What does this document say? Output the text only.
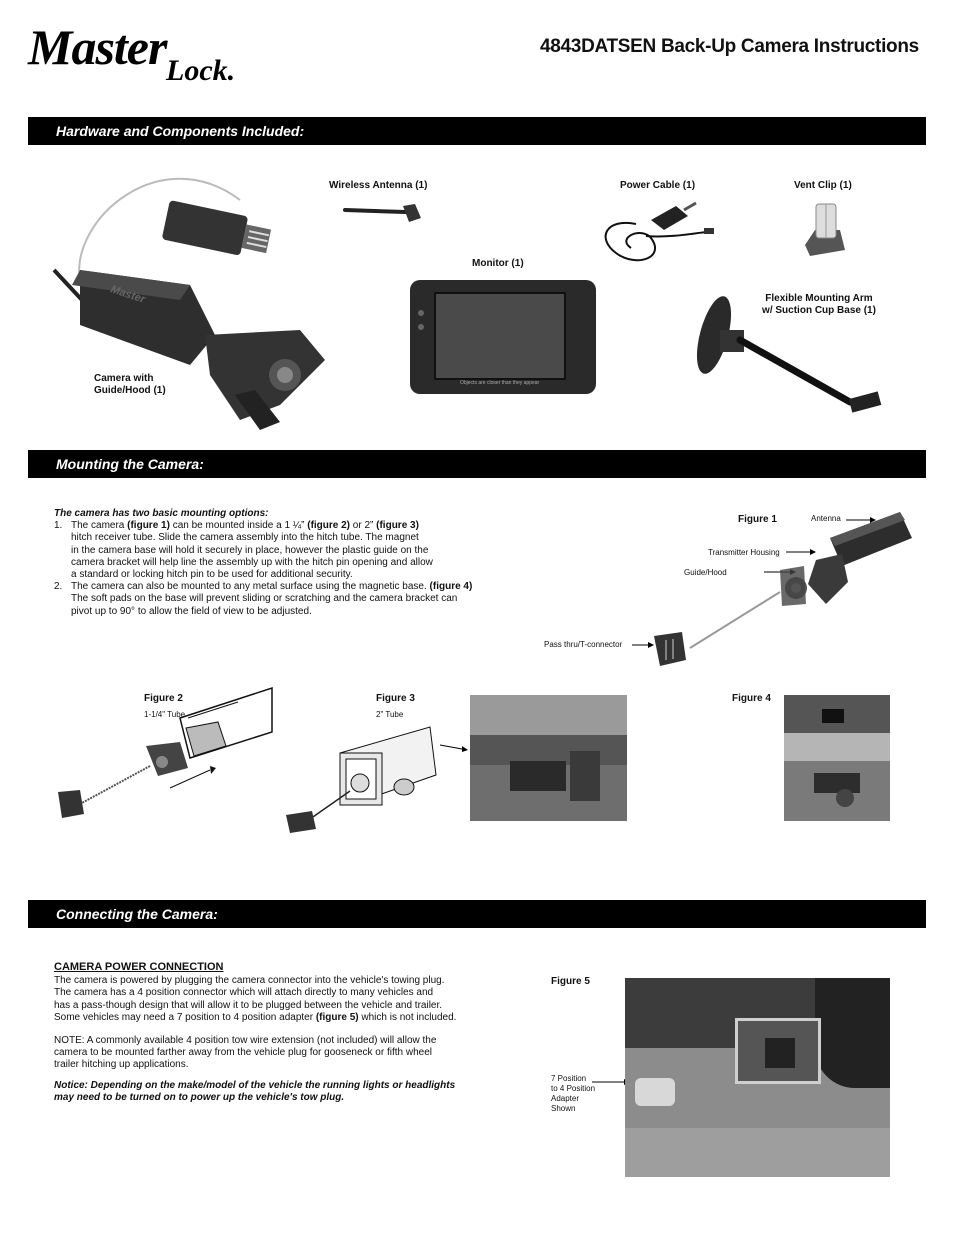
Master Lock.
4843DATSEN Back-Up Camera Instructions
Hardware and Components Included:
Mounting the Camera:
Connecting the Camera:
Master
Camera with
Guide/Hood (1)
Wireless Antenna (1)	Power Cable (1)	Vent Clip (1)
Monitor (1)
Objects are closer than they appear
Flexible Mounting Arm
w/ Suction Cup Base (1)
The camera has two basic mounting options:
1. The camera (figure 1) can be mounted inside a 1 ¼” (figure 2) or 2” (figure 3)
hitch receiver tube. Slide the camera assembly into the hitch tube. The magnet
in the camera base will hold it securely in place, however the plastic guide on the
camera bracket will help line the assembly up with the hitch pin opening and allow
a standard or locking hitch pin to be used for additional security.
2. The camera can also be mounted to any metal surface using the magnetic base. (figure 4)
The soft pads on the base will prevent sliding or scratching and the camera bracket can
pivot up to 90° to allow the field of view to be adjusted.
Figure 1	Antenna
Transmitter Housing
Guide/Hood
Pass thru/T-connector
Figure 2
1-1/4" Tube
Figure 3
2" Tube
Figure 4
CAMERA POWER CONNECTION
The camera is powered by plugging the camera connector into the vehicle's towing plug.
The camera has a 4 position connector which will attach directly to many vehicles and
has a pass-though design that will allow it to be plugged between the vehicle and trailer.
Some vehicles may need a 7 position to 4 position adapter (figure 5) which is not included.
NOTE: A commonly available 4 position tow wire extension (not included) will allow the
camera to be mounted farther away from the vehicle plug for gooseneck or fifth wheel
trailer hitching up applications.
Notice: Depending on the make/model of the vehicle the running lights or headlights
may need to be turned on to power up the vehicle's tow plug.
Figure 5
7 Position
to 4 Position
Adapter
Shown
